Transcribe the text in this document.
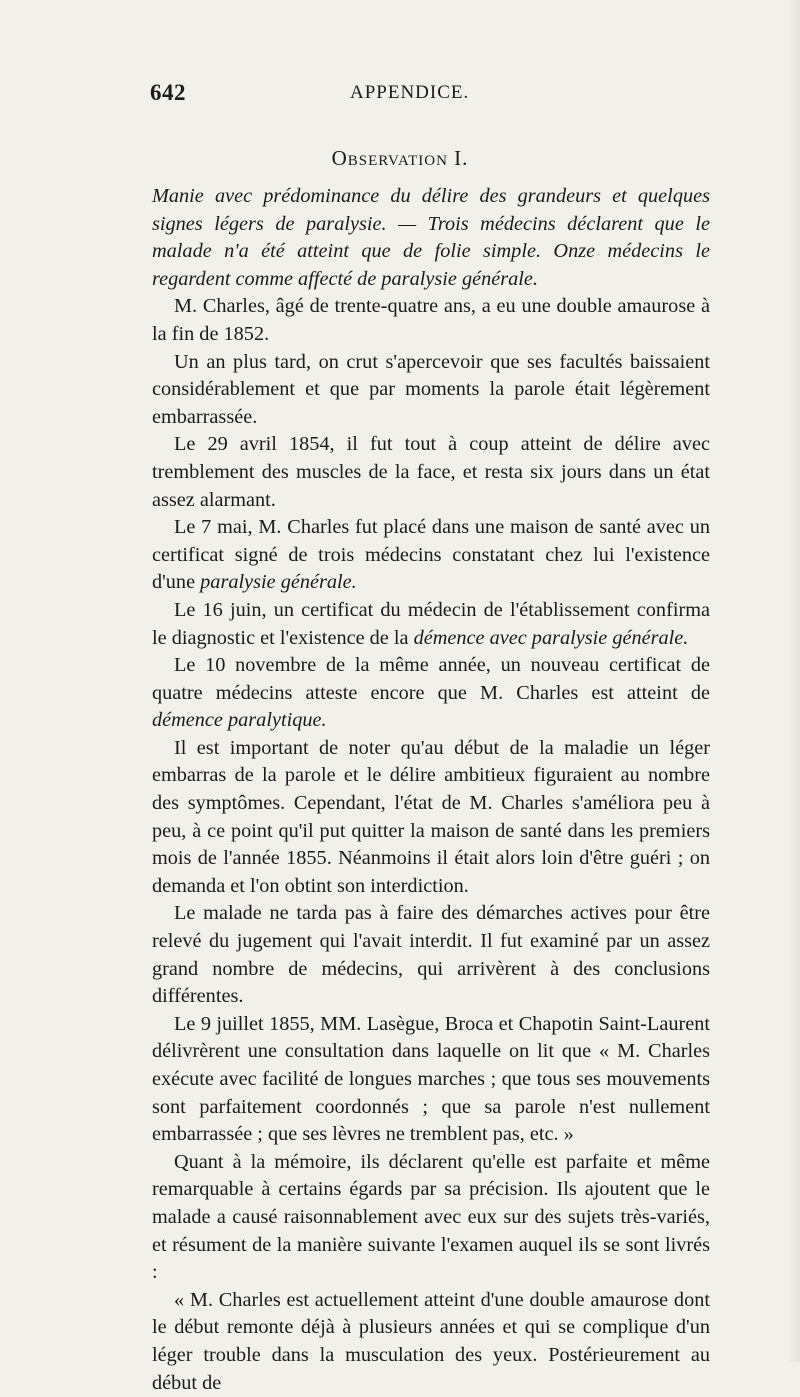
642	APPENDICE.
Observation I.

Manie avec prédominance du délire des grandeurs et quelques signes légers de paralysie. — Trois médecins déclarent que le malade n'a été atteint que de folie simple. Onze médecins le regardent comme affecté de paralysie générale.

M. Charles, âgé de trente-quatre ans, a eu une double amaurose à la fin de 1852.

Un an plus tard, on crut s'apercevoir que ses facultés baissaient considérablement et que par moments la parole était légèrement embarrassée.

Le 29 avril 1854, il fut tout à coup atteint de délire avec tremblement des muscles de la face, et resta six jours dans un état assez alarmant.

Le 7 mai, M. Charles fut placé dans une maison de santé avec un certificat signé de trois médecins constatant chez lui l'existence d'une paralysie générale.

Le 16 juin, un certificat du médecin de l'établissement confirma le diagnostic et l'existence de la démence avec paralysie générale.

Le 10 novembre de la même année, un nouveau certificat de quatre médecins atteste encore que M. Charles est atteint de démence paralytique.

Il est important de noter qu'au début de la maladie un léger embarras de la parole et le délire ambitieux figuraient au nombre des symptômes. Cependant, l'état de M. Charles s'améliora peu à peu, à ce point qu'il put quitter la maison de santé dans les premiers mois de l'année 1855. Néanmoins il était alors loin d'être guéri ; on demanda et l'on obtint son interdiction.

Le malade ne tarda pas à faire des démarches actives pour être relevé du jugement qui l'avait interdit. Il fut examiné par un assez grand nombre de médecins, qui arrivèrent à des conclusions différentes.

Le 9 juillet 1855, MM. Lasègue, Broca et Chapotin Saint-Laurent délivrèrent une consultation dans laquelle on lit que « M. Charles exécute avec facilité de longues marches ; que tous ses mouvements sont parfaitement coordonnés ; que sa parole n'est nullement embarrassée ; que ses lèvres ne tremblent pas, etc. »

Quant à la mémoire, ils déclarent qu'elle est parfaite et même remarquable à certains égards par sa précision. Ils ajoutent que le malade a causé raisonnablement avec eux sur des sujets très-variés, et résument de la manière suivante l'examen auquel ils se sont livrés :

« M. Charles est actuellement atteint d'une double amaurose dont le début remonte déjà à plusieurs années et qui se complique d'un léger trouble dans la musculation des yeux. Postérieurement au début de
